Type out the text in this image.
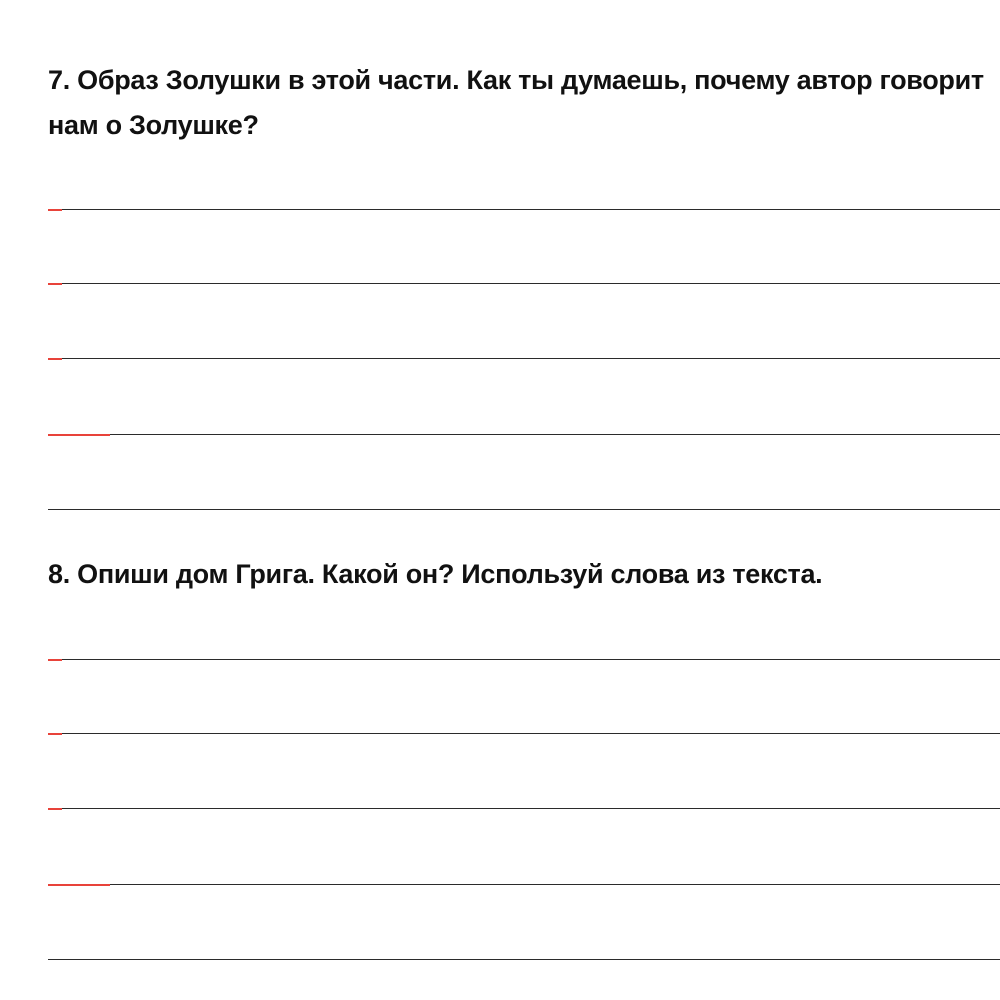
7. Образ Золушки в этой части. Как ты думаешь, почему автор говорит нам о Золушке?

8. Опиши дом Грига. Какой он? Используй слова из текста.
